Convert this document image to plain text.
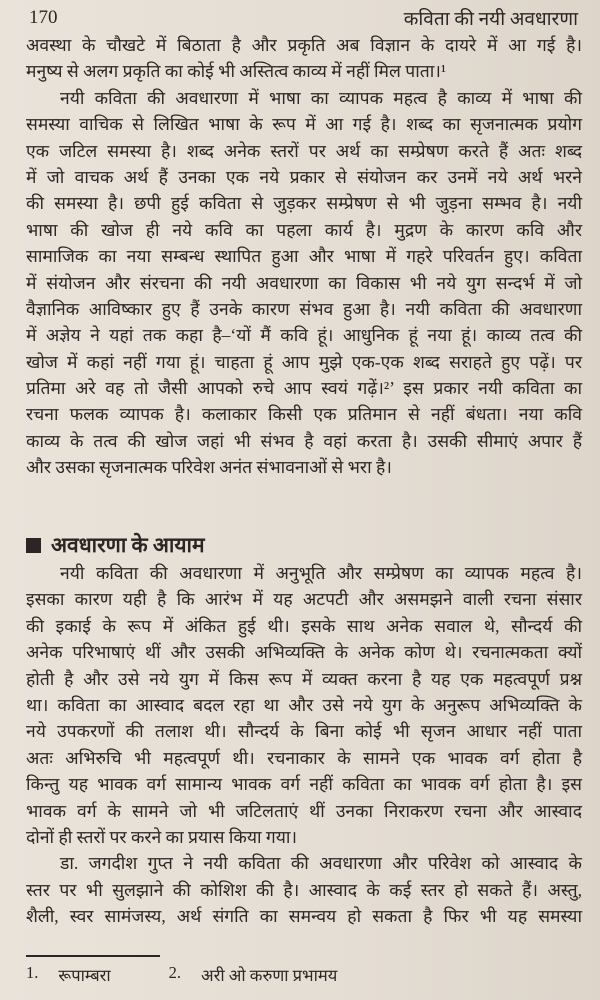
170	कविता की नयी अवधारणा
अवस्था के चौखटे में बिठाता है और प्रकृति अब विज्ञान के दायरे में आ गई है।
मनुष्य से अलग प्रकृति का कोई भी अस्तित्व काव्य में नहीं मिल पाता।¹
नयी कविता की अवधारणा में भाषा का व्यापक महत्व है काव्य में भाषा की
समस्या वाचिक से लिखित भाषा के रूप में आ गई है। शब्द का सृजनात्मक प्रयोग
एक जटिल समस्या है। शब्द अनेक स्तरों पर अर्थ का सम्प्रेषण करते हैं अतः शब्द
में जो वाचक अर्थ हैं उनका एक नये प्रकार से संयोजन कर उनमें नये अर्थ भरने
की समस्या है। छपी हुई कविता से जुड़कर सम्प्रेषण से भी जुड़ना सम्भव है। नयी
भाषा की खोज ही नये कवि का पहला कार्य है। मुद्रण के कारण कवि और
सामाजिक का नया सम्बन्ध स्थापित हुआ और भाषा में गहरे परिवर्तन हुए। कविता
में संयोजन और संरचना की नयी अवधारणा का विकास भी नये युग सन्दर्भ में जो
वैज्ञानिक आविष्कार हुए हैं उनके कारण संभव हुआ है। नयी कविता की अवधारणा
में अज्ञेय ने यहां तक कहा है–‘यों मैं कवि हूं। आधुनिक हूं नया हूं। काव्य तत्व की
खोज में कहां नहीं गया हूं। चाहता हूं आप मुझे एक-एक शब्द सराहते हुए पढ़ें। पर
प्रतिमा अरे वह तो जैसी आपको रुचे आप स्वयं गढ़ें।²’ इस प्रकार नयी कविता का
रचना फलक व्यापक है। कलाकार किसी एक प्रतिमान से नहीं बंधता। नया कवि
काव्य के तत्व की खोज जहां भी संभव है वहां करता है। उसकी सीमाएं अपार हैं
और उसका सृजनात्मक परिवेश अनंत संभावनाओं से भरा है।
अवधारणा के आयाम
नयी कविता की अवधारणा में अनुभूति और सम्प्रेषण का व्यापक महत्व है।
इसका कारण यही है कि आरंभ में यह अटपटी और असमझने वाली रचना संसार
की इकाई के रूप में अंकित हुई थी। इसके साथ अनेक सवाल थे, सौन्दर्य की
अनेक परिभाषाएं थीं और उसकी अभिव्यक्ति के अनेक कोण थे। रचनात्मकता क्यों
होती है और उसे नये युग में किस रूप में व्यक्त करना है यह एक महत्वपूर्ण प्रश्न
था। कविता का आस्वाद बदल रहा था और उसे नये युग के अनुरूप अभिव्यक्ति के
नये उपकरणों की तलाश थी। सौन्दर्य के बिना कोई भी सृजन आधार नहीं पाता
अतः अभिरुचि भी महत्वपूर्ण थी। रचनाकार के सामने एक भावक वर्ग होता है
किन्तु यह भावक वर्ग सामान्य भावक वर्ग नहीं कविता का भावक वर्ग होता है। इस
भावक वर्ग के सामने जो भी जटिलताएं थीं उनका निराकरण रचना और आस्वाद
दोनों ही स्तरों पर करने का प्रयास किया गया।
डा. जगदीश गुप्त ने नयी कविता की अवधारणा और परिवेश को आस्वाद के
स्तर पर भी सुलझाने की कोशिश की है। आस्वाद के कई स्तर हो सकते हैं। अस्तु,
शैली, स्वर सामंजस्य, अर्थ संगति का समन्वय हो सकता है फिर भी यह समस्या
1. रूपाम्बरा	2. अरी ओ करुणा प्रभामय
